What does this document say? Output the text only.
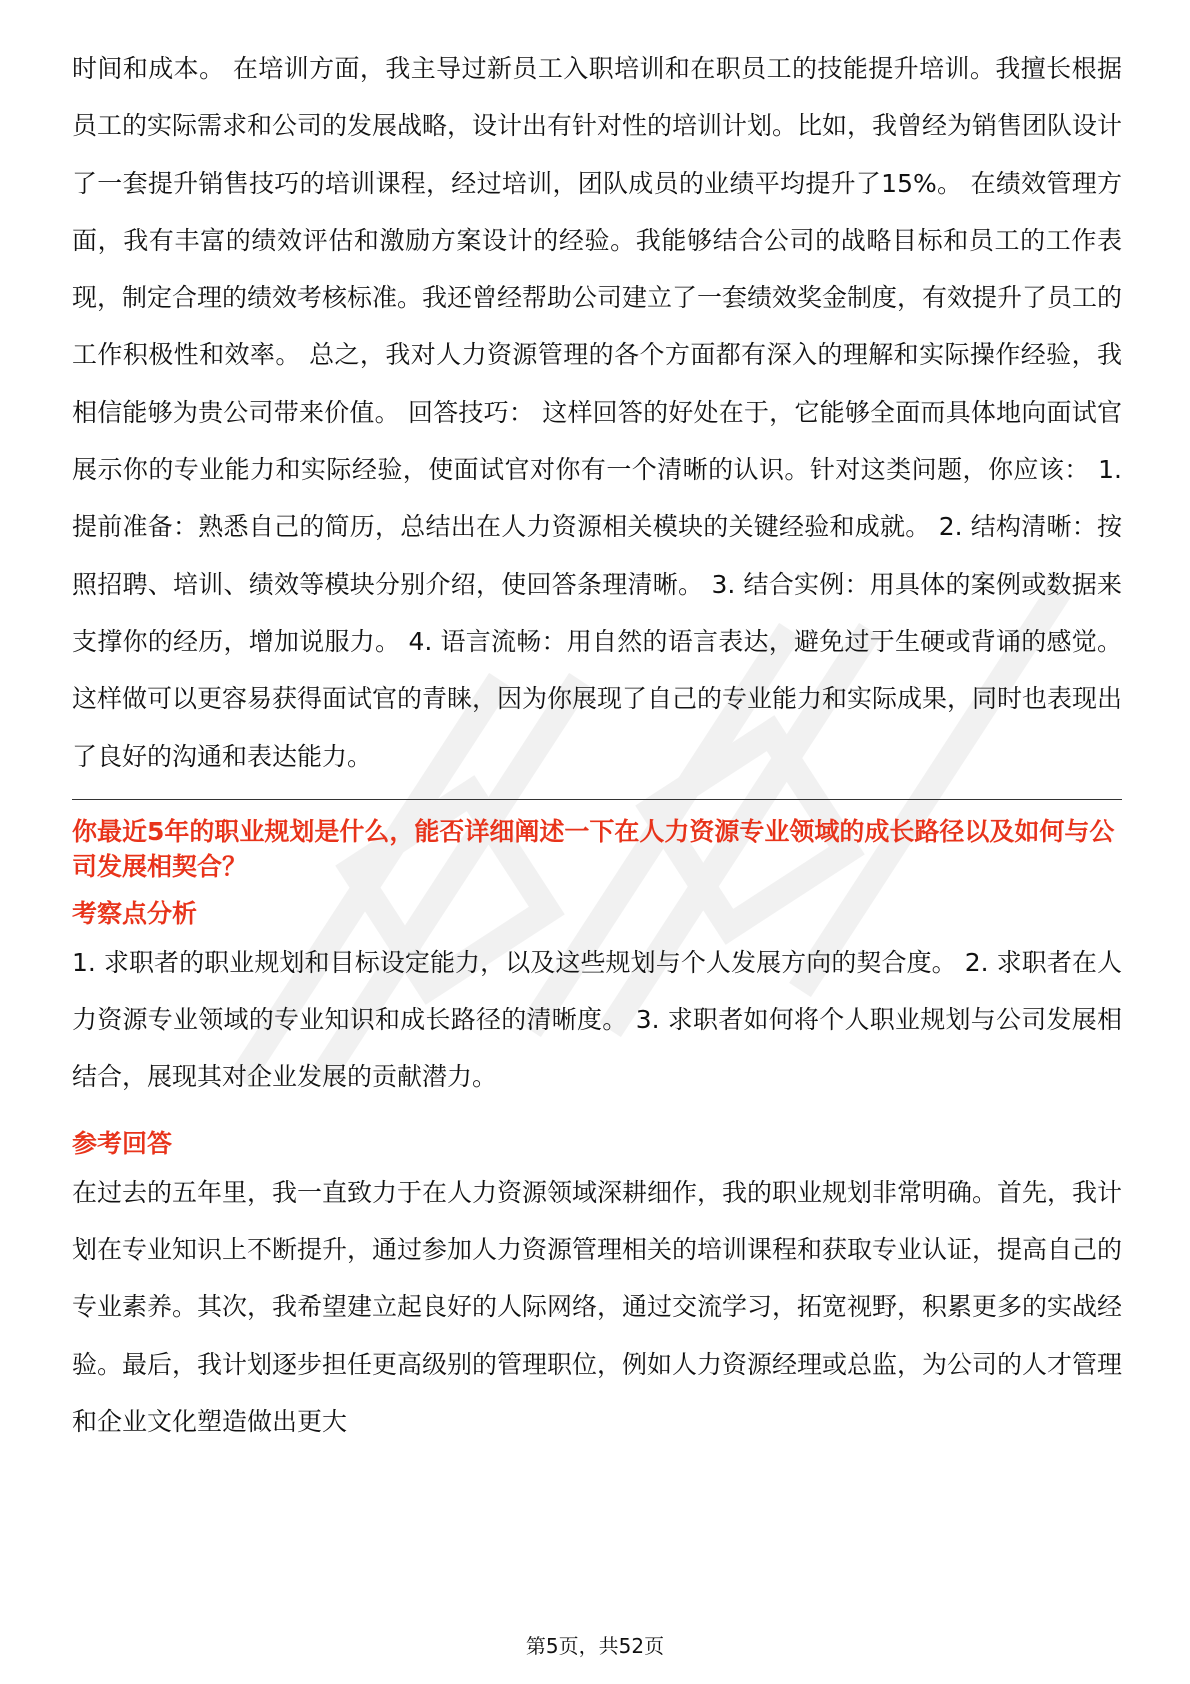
时间和成本。 在培训方面，我主导过新员工入职培训和在职员工的技能提升培训。我擅长根据员工的实际需求和公司的发展战略，设计出有针对性的培训计划。比如，我曾经为销售团队设计了一套提升销售技巧的培训课程，经过培训，团队成员的业绩平均提升了15%。 在绩效管理方面，我有丰富的绩效评估和激励方案设计的经验。我能够结合公司的战略目标和员工的工作表现，制定合理的绩效考核标准。我还曾经帮助公司建立了一套绩效奖金制度，有效提升了员工的工作积极性和效率。 总之，我对人力资源管理的各个方面都有深入的理解和实际操作经验，我相信能够为贵公司带来价值。 回答技巧： 这样回答的好处在于，它能够全面而具体地向面试官展示你的专业能力和实际经验，使面试官对你有一个清晰的认识。针对这类问题，你应该： 1. 提前准备：熟悉自己的简历，总结出在人力资源相关模块的关键经验和成就。 2. 结构清晰：按照招聘、培训、绩效等模块分别介绍，使回答条理清晰。 3. 结合实例：用具体的案例或数据来支撑你的经历，增加说服力。 4. 语言流畅：用自然的语言表达，避免过于生硬或背诵的感觉。 这样做可以更容易获得面试官的青睐，因为你展现了自己的专业能力和实际成果，同时也表现出了良好的沟通和表达能力。

你最近5年的职业规划是什么，能否详细阐述一下在人力资源专业领域的成长路径以及如何与公司发展相契合？

考察点分析

1. 求职者的职业规划和目标设定能力，以及这些规划与个人发展方向的契合度。 2. 求职者在人力资源专业领域的专业知识和成长路径的清晰度。 3. 求职者如何将个人职业规划与公司发展相结合，展现其对企业发展的贡献潜力。

参考回答

在过去的五年里，我一直致力于在人力资源领域深耕细作，我的职业规划非常明确。首先，我计划在专业知识上不断提升，通过参加人力资源管理相关的培训课程和获取专业认证，提高自己的专业素养。其次，我希望建立起良好的人际网络，通过交流学习，拓宽视野，积累更多的实战经验。最后，我计划逐步担任更高级别的管理职位，例如人力资源经理或总监，为公司的人才管理和企业文化塑造做出更大

第5页，共52页
